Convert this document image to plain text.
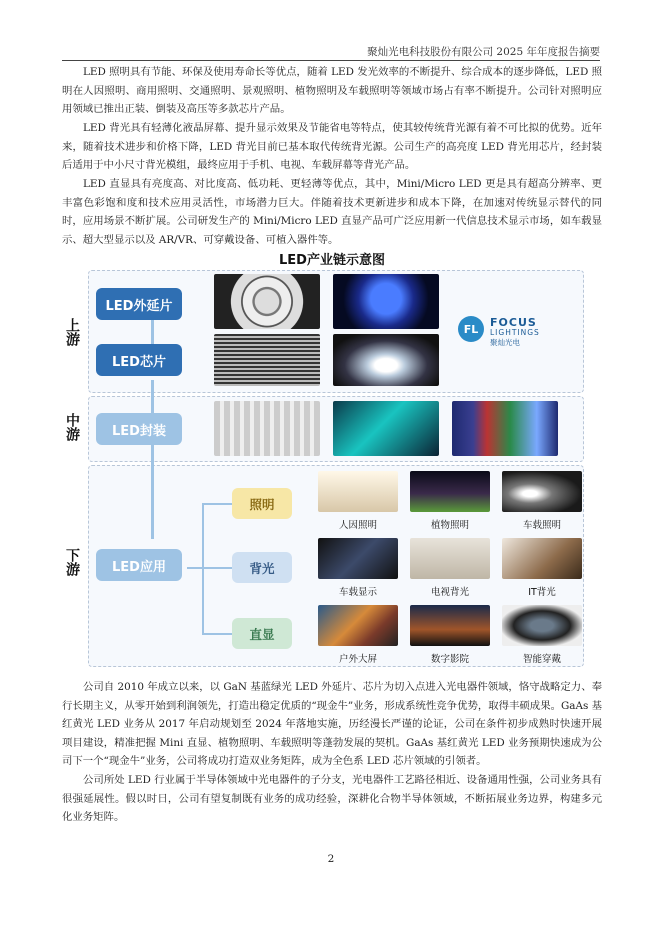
聚灿光电科技股份有限公司 2025 年年度报告摘要

LED 照明具有节能、环保及使用寿命长等优点，随着 LED 发光效率的不断提升、综合成本的逐步降低，LED 照明在人因照明、商用照明、交通照明、景观照明、植物照明及车载照明等领域市场占有率不断提升。公司针对照明应用领域已推出正装、倒装及高压等多款芯片产品。

LED 背光具有轻薄化液晶屏幕、提升显示效果及节能省电等特点，使其较传统背光源有着不可比拟的优势。近年来，随着技术进步和价格下降，LED 背光目前已基本取代传统背光源。公司生产的高亮度 LED 背光用芯片，经封装后适用于中小尺寸背光模组，最终应用于手机、电视、车载屏幕等背光产品。

LED 直显具有亮度高、对比度高、低功耗、更轻薄等优点，其中，Mini/Micro LED 更是具有超高分辨率、更丰富色彩饱和度和技术应用灵活性，市场潜力巨大。伴随着技术更新进步和成本下降，在加速对传统显示替代的同时，应用场景不断扩展。公司研发生产的 Mini/Micro LED 直显产品可广泛应用新一代信息技术显示市场，如车载显示、超大型显示以及 AR/VR、可穿戴设备、可植入器件等。

LED产业链示意图
上游
中游
下游
LED外延片
LED芯片
LED封装
LED应用
FL	FOCUS
LIGHTINGS
聚灿光电
照明
背光
直显
人因照明	植物照明	车载照明
车载显示	电视背光	IT背光
户外大屏	数字影院	智能穿戴

公司自 2010 年成立以来，以 GaN 基蓝绿光 LED 外延片、芯片为切入点进入光电器件领域，恪守战略定力、奉行长期主义，从零开始到利润领先，打造出稳定优质的“现金牛”业务，形成系统性竞争优势，取得丰硕成果。GaAs 基红黄光 LED 业务从 2017 年启动规划至 2024 年落地实施，历经漫长严谨的论证，公司在条件初步成熟时快速开展项目建设，精准把握 Mini 直显、植物照明、车载照明等蓬勃发展的契机。GaAs 基红黄光 LED 业务预期快速成为公司下一个“现金牛”业务，公司将成功打造双业务矩阵，成为全色系 LED 芯片领域的引领者。

公司所处 LED 行业属于半导体领域中光电器件的子分支，光电器件工艺路径相近、设备通用性强，公司业务具有很强延展性。假以时日，公司有望复制既有业务的成功经验，深耕化合物半导体领域，不断拓展业务边界，构建多元化业务矩阵。

2
